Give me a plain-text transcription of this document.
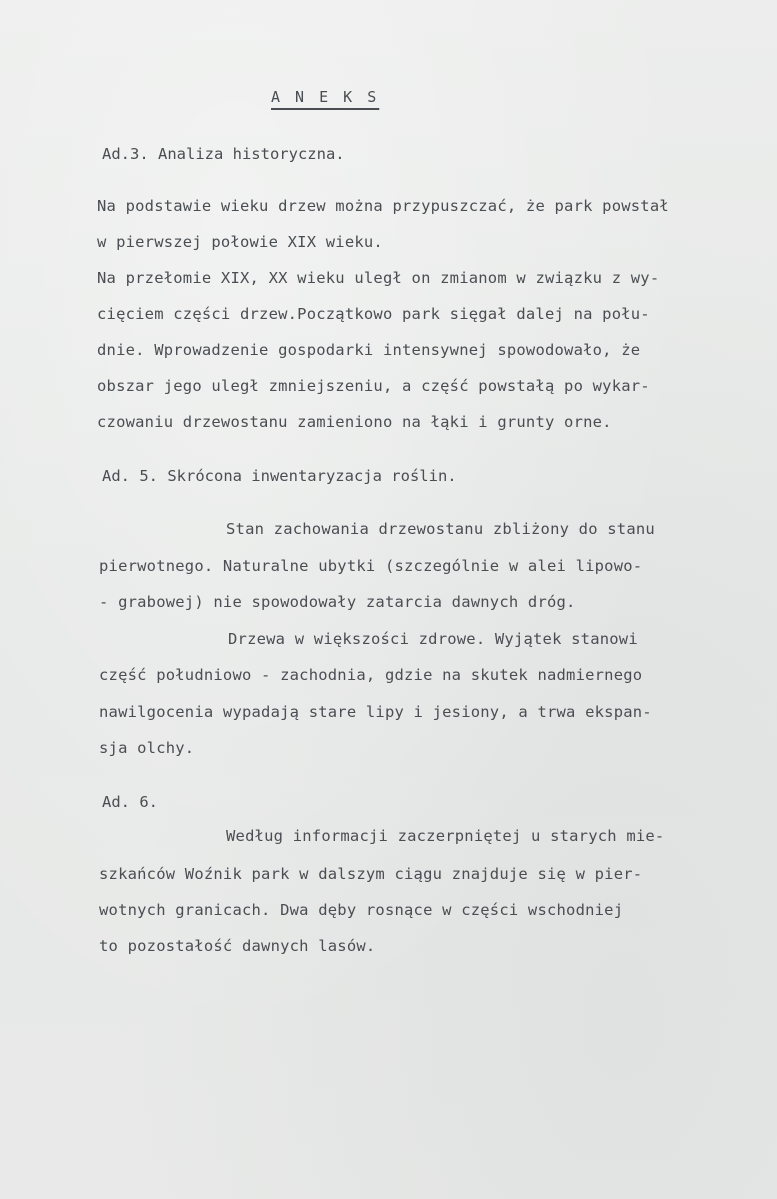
A N E K S
Ad.3. Analiza historyczna.
Na podstawie wieku drzew można przypuszczać, że park powstał
w pierwszej połowie XIX wieku.
Na przełomie XIX, XX wieku uległ on zmianom w związku z wy-
cięciem części drzew.Początkowo park sięgał dalej na połu-
dnie. Wprowadzenie gospodarki intensywnej spowodowało, że
obszar jego uległ zmniejszeniu, a część powstałą po wykar-
czowaniu drzewostanu zamieniono na łąki i grunty orne.
Ad. 5. Skrócona inwentaryzacja roślin.
Stan zachowania drzewostanu zbliżony do stanu
pierwotnego. Naturalne ubytki (szczególnie w alei lipowo-
- grabowej) nie spowodowały zatarcia dawnych dróg.
Drzewa w większości zdrowe. Wyjątek stanowi
część południowo - zachodnia, gdzie na skutek nadmiernego
nawilgocenia wypadają stare lipy i jesiony, a trwa ekspan-
sja olchy.
Ad. 6.
Według informacji zaczerpniętej u starych mie-
szkańców Woźnik park w dalszym ciągu znajduje się w pier-
wotnych granicach. Dwa dęby rosnące w części wschodniej
to pozostałość dawnych lasów.
